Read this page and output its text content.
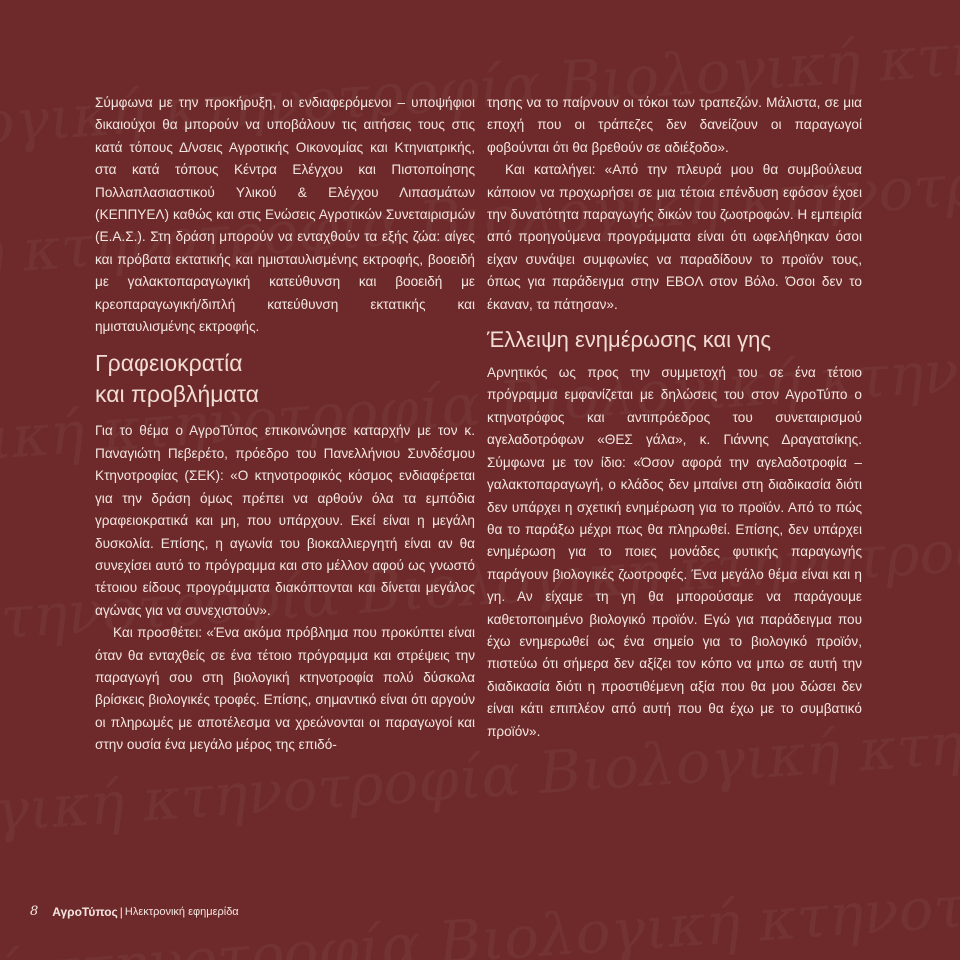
Σύμφωνα με την προκήρυξη, οι ενδιαφερόμενοι – υποψήφιοι δικαιούχοι θα μπορούν να υποβάλουν τις αιτήσεις τους στις κατά τόπους Δ/νσεις Αγροτικής Οικονομίας και Κτηνιατρικής, στα κατά τόπους Κέντρα Ελέγχου και Πιστοποίησης Πολλαπλασιαστικού Υλικού & Ελέγχου Λιπασμάτων (ΚΕΠΠΥΕΛ) καθώς και στις Ενώσεις Αγροτικών Συνεταιρισμών (Ε.Α.Σ.). Στη δράση μπορούν να ενταχθούν τα εξής ζώα: αίγες και πρόβατα εκτατικής και ημισταυλισμένης εκτροφής, βοοειδή με γαλακτοπαραγωγική κατεύθυνση και βοοειδή με κρεοπαραγωγική/διπλή κατεύθυνση εκτατικής και ημισταυλισμένης εκτροφής.

Γραφειοκρατία
και προβλήματα

Για το θέμα ο ΑγροΤύπος επικοινώνησε καταρχήν με τον κ. Παναγιώτη Πεβερέτο, πρόεδρο του Πανελλήνιου Συνδέσμου Κτηνοτροφίας (ΣΕΚ): «Ο κτηνοτροφικός κόσμος ενδιαφέρεται για την δράση όμως πρέπει να αρθούν όλα τα εμπόδια γραφειοκρατικά και μη, που υπάρχουν. Εκεί είναι η μεγάλη δυσκολία. Επίσης, η αγωνία του βιοκαλλιεργητή είναι αν θα συνεχίσει αυτό το πρόγραμμα και στο μέλλον αφού ως γνωστό τέτοιου είδους προγράμματα διακόπτονται και δίνεται μεγάλος αγώνας για να συνεχιστούν».

Και προσθέτει: «Ένα ακόμα πρόβλημα που προκύπτει είναι όταν θα ενταχθείς σε ένα τέτοιο πρόγραμμα και στρέψεις την παραγωγή σου στη βιολογική κτηνοτροφία πολύ δύσκολα βρίσκεις βιολογικές τροφές. Επίσης, σημαντικό είναι ότι αργούν οι πληρωμές με αποτέλεσμα να χρεώνονται οι παραγωγοί και στην ουσία ένα μεγάλο μέρος της επιδό-

τησης να το παίρνουν οι τόκοι των τραπεζών. Μάλιστα, σε μια εποχή που οι τράπεζες δεν δανείζουν οι παραγωγοί φοβούνται ότι θα βρεθούν σε αδιέξοδο».

Και καταλήγει: «Από την πλευρά μου θα συμβούλευα κάποιον να προχωρήσει σε μια τέτοια επένδυση εφόσον έχοει την δυνατότητα παραγωγής δικών του ζωοτροφών. Η εμπειρία από προηγούμενα προγράμματα είναι ότι ωφελήθηκαν όσοι είχαν συνάψει συμφωνίες να παραδίδουν το προϊόν τους, όπως για παράδειγμα στην ΕΒΟΛ στον Βόλο. Όσοι δεν το έκαναν, τα πάτησαν».

Έλλειψη ενημέρωσης και γης

Αρνητικός ως προς την συμμετοχή του σε ένα τέτοιο πρόγραμμα εμφανίζεται με δηλώσεις του στον ΑγροΤύπο ο κτηνοτρόφος και αντιπρόεδρος του συνεταιρισμού αγελαδοτρόφων «ΘΕΣ γάλα», κ. Γιάννης Δραγατσίκης. Σύμφωνα με τον ίδιο: «Όσον αφορά την αγελαδοτροφία – γαλακτοπαραγωγή, ο κλάδος δεν μπαίνει στη διαδικασία διότι δεν υπάρχει η σχετική ενημέρωση για το προϊόν. Από το πώς θα το παράξω μέχρι πως θα πληρωθεί. Επίσης, δεν υπάρχει ενημέρωση για το ποιες μονάδες φυτικής παραγωγής παράγουν βιολογικές ζωοτροφές. Ένα μεγάλο θέμα είναι και η γη. Αν είχαμε τη γη θα μπορούσαμε να παράγουμε καθετοποιημένο βιολογικό προϊόν. Εγώ για παράδειγμα που έχω ενημερωθεί ως ένα σημείο για το βιολογικό προϊόν, πιστεύω ότι σήμερα δεν αξίζει τον κόπο να μπω σε αυτή την διαδικασία διότι η προστιθέμενη αξία που θα μου δώσει δεν είναι κάτι επιπλέον από αυτή που θα έχω με το συμβατικό προϊόν».

8 ΑγροΤύπος | Ηλεκτρονική εφημερίδα
